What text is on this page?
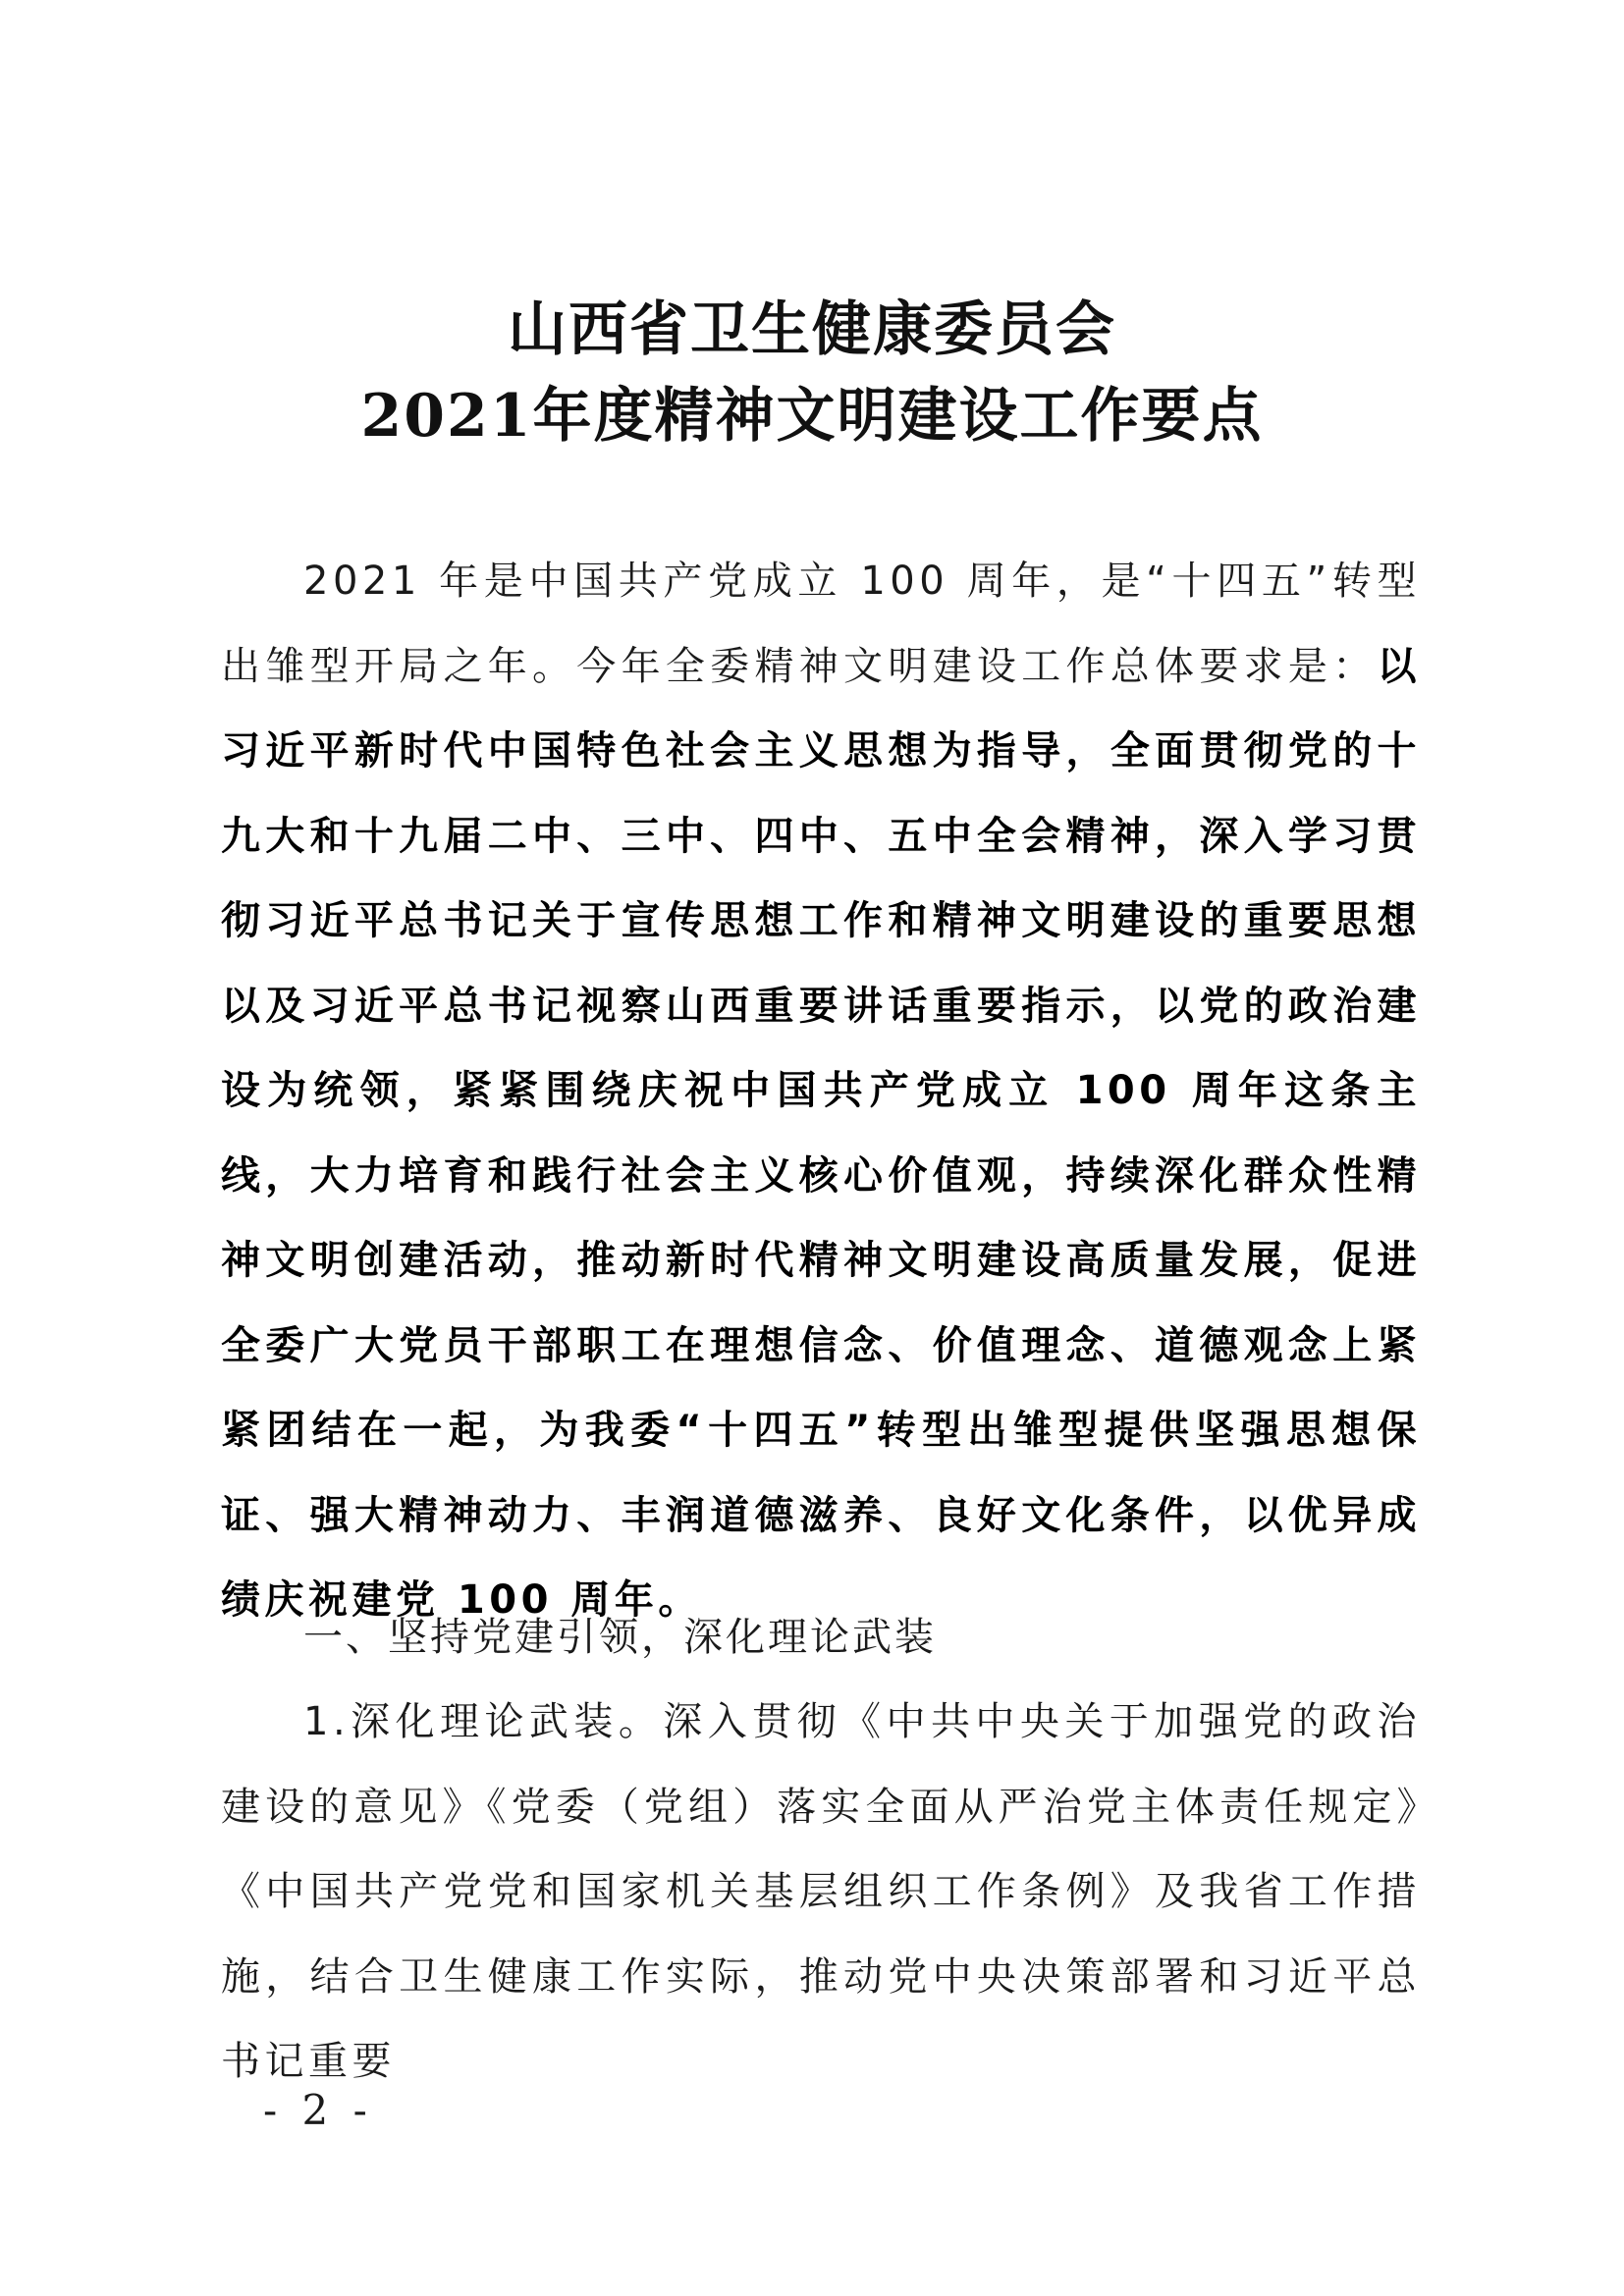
山西省卫生健康委员会
2021年度精神文明建设工作要点
2021 年是中国共产党成立 100 周年，是“十四五”转型出雏型开局之年。今年全委精神文明建设工作总体要求是：以习近平新时代中国特色社会主义思想为指导，全面贯彻党的十九大和十九届二中、三中、四中、五中全会精神，深入学习贯彻习近平总书记关于宣传思想工作和精神文明建设的重要思想以及习近平总书记视察山西重要讲话重要指示，以党的政治建设为统领，紧紧围绕庆祝中国共产党成立 100 周年这条主线，大力培育和践行社会主义核心价值观，持续深化群众性精神文明创建活动，推动新时代精神文明建设高质量发展，促进全委广大党员干部职工在理想信念、价值理念、道德观念上紧紧团结在一起，为我委“十四五”转型出雏型提供坚强思想保证、强大精神动力、丰润道德滋养、良好文化条件，以优异成绩庆祝建党 100 周年。
一、坚持党建引领，深化理论武装
1.深化理论武装。深入贯彻《中共中央关于加强党的政治建设的意见》《党委（党组）落实全面从严治党主体责任规定》《中国共产党党和国家机关基层组织工作条例》及我省工作措施，结合卫生健康工作实际，推动党中央决策部署和习近平总书记重要
- 2 -
